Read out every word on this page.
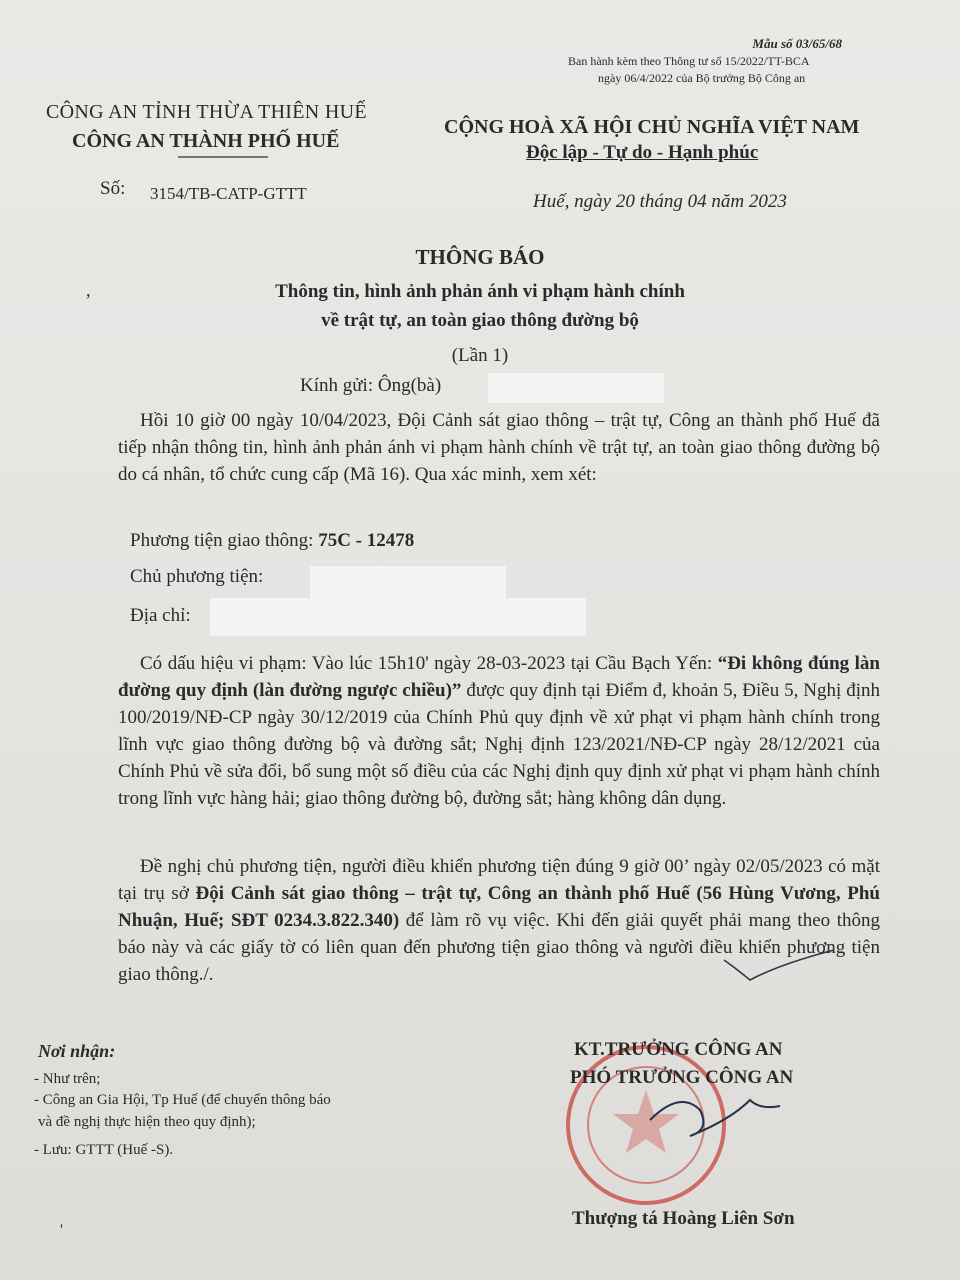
Mẫu số 03/65/68
Ban hành kèm theo Thông tư số 15/2022/TT-BCA
ngày 06/4/2022 của Bộ trưởng Bộ Công an
CÔNG AN TỈNH THỪA THIÊN HUẾ
CÔNG AN THÀNH PHỐ HUẾ
CỘNG HOÀ XÃ HỘI CHỦ NGHĨA VIỆT NAM
Độc lập - Tự do - Hạnh phúc
Số: 3154/TB-CATP-GTTT	Huế, ngày 20 tháng 04 năm 2023
THÔNG BÁO
Thông tin, hình ảnh phản ánh vi phạm hành chính
về trật tự, an toàn giao thông đường bộ
(Lần 1)
,
Kính gửi: Ông(bà)
Hồi 10 giờ 00 ngày 10/04/2023, Đội Cảnh sát giao thông – trật tự, Công an thành phố Huế đã tiếp nhận thông tin, hình ảnh phản ánh vi phạm hành chính về trật tự, an toàn giao thông đường bộ do cá nhân, tổ chức cung cấp (Mã 16). Qua xác minh, xem xét:
Phương tiện giao thông: 75C - 12478
Chủ phương tiện:
Địa chỉ:
Có dấu hiệu vi phạm: Vào lúc 15h10' ngày 28-03-2023 tại Cầu Bạch Yến: “Đi không đúng làn đường quy định (làn đường ngược chiều)” được quy định tại Điểm đ, khoản 5, Điều 5, Nghị định 100/2019/NĐ-CP ngày 30/12/2019 của Chính Phủ quy định về xử phạt vi phạm hành chính trong lĩnh vực giao thông đường bộ và đường sắt; Nghị định 123/2021/NĐ-CP ngày 28/12/2021 của Chính Phủ về sửa đổi, bổ sung một số điều của các Nghị định quy định xử phạt vi phạm hành chính trong lĩnh vực hàng hải; giao thông đường bộ, đường sắt; hàng không dân dụng.
Đề nghị chủ phương tiện, người điều khiển phương tiện đúng 9 giờ 00’ ngày 02/05/2023 có mặt tại trụ sở Đội Cảnh sát giao thông – trật tự, Công an thành phố Huế (56 Hùng Vương, Phú Nhuận, Huế; SĐT 0234.3.822.340) để làm rõ vụ việc. Khi đến giải quyết phải mang theo thông báo này và các giấy tờ có liên quan đến phương tiện giao thông và người điều khiển phương tiện giao thông./.
Nơi nhận:
- Như trên;
- Công an Gia Hội, Tp Huế (để chuyển thông báo
và đề nghị thực hiện theo quy định);
- Lưu: GTTT (Huế -S).
KT.TRƯỞNG CÔNG AN
PHÓ TRƯỞNG CÔNG AN
Thượng tá Hoàng Liên Sơn
'
